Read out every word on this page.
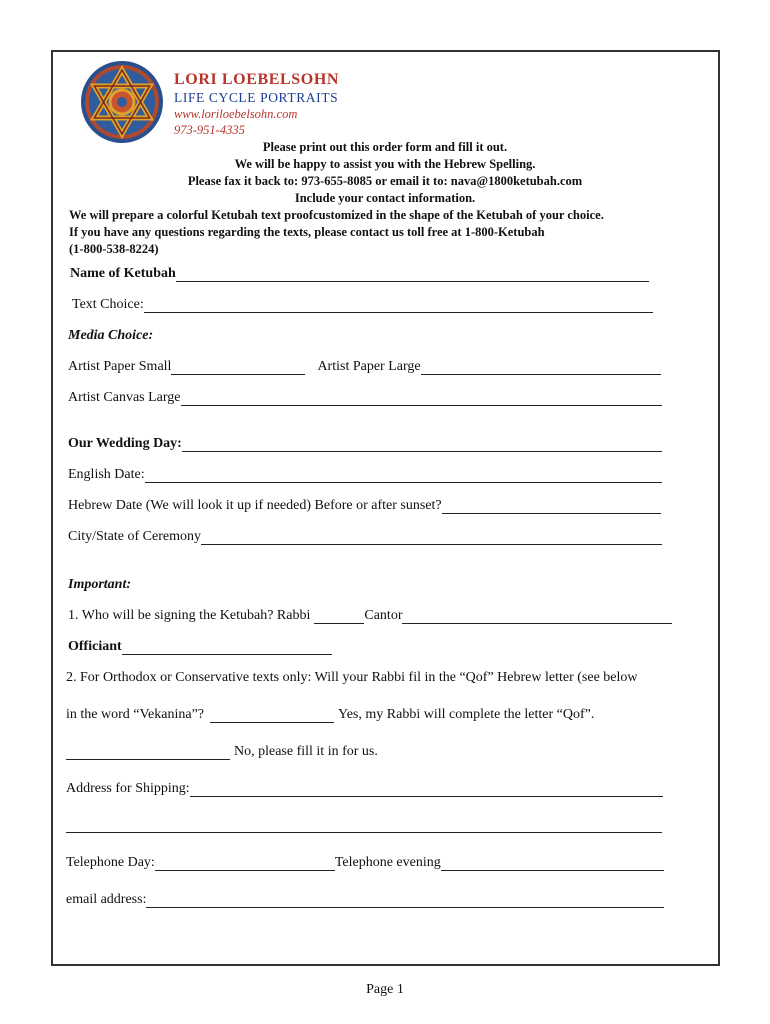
LORI LOEBELSOHN
LIFE CYCLE PORTRAITS
www.loriloebelsohn.com
973-951-4335
Please print out this order form and fill it out.
We will be happy to assist you with the Hebrew Spelling.
Please fax it back to: 973-655-8085 or email it to: nava@1800ketubah.com
Include your contact information.
We will prepare a colorful Ketubah text proofcustomized in the shape of the Ketubah of your choice.
If you have any questions regarding the texts, please contact us toll free at 1-800-Ketubah
(1-800-538-8224)
Name of Ketubah
Text Choice:
Media Choice:
Artist Paper Small	Artist Paper Large
Artist Canvas Large
Our Wedding Day:
English Date:
Hebrew Date (We will look it up if needed) Before or after sunset?
City/State of Ceremony
Important:
1. Who will be signing the Ketubah? Rabbi	Cantor
Officiant
2. For Orthodox or Conservative texts only: Will your Rabbi fil in the “Qof” Hebrew letter (see below
in the word “Vekanina”?	Yes, my Rabbi will complete the letter “Qof”.
No, please fill it in for us.
Address for Shipping:
Telephone Day:	Telephone evening
email address:
Page 1
